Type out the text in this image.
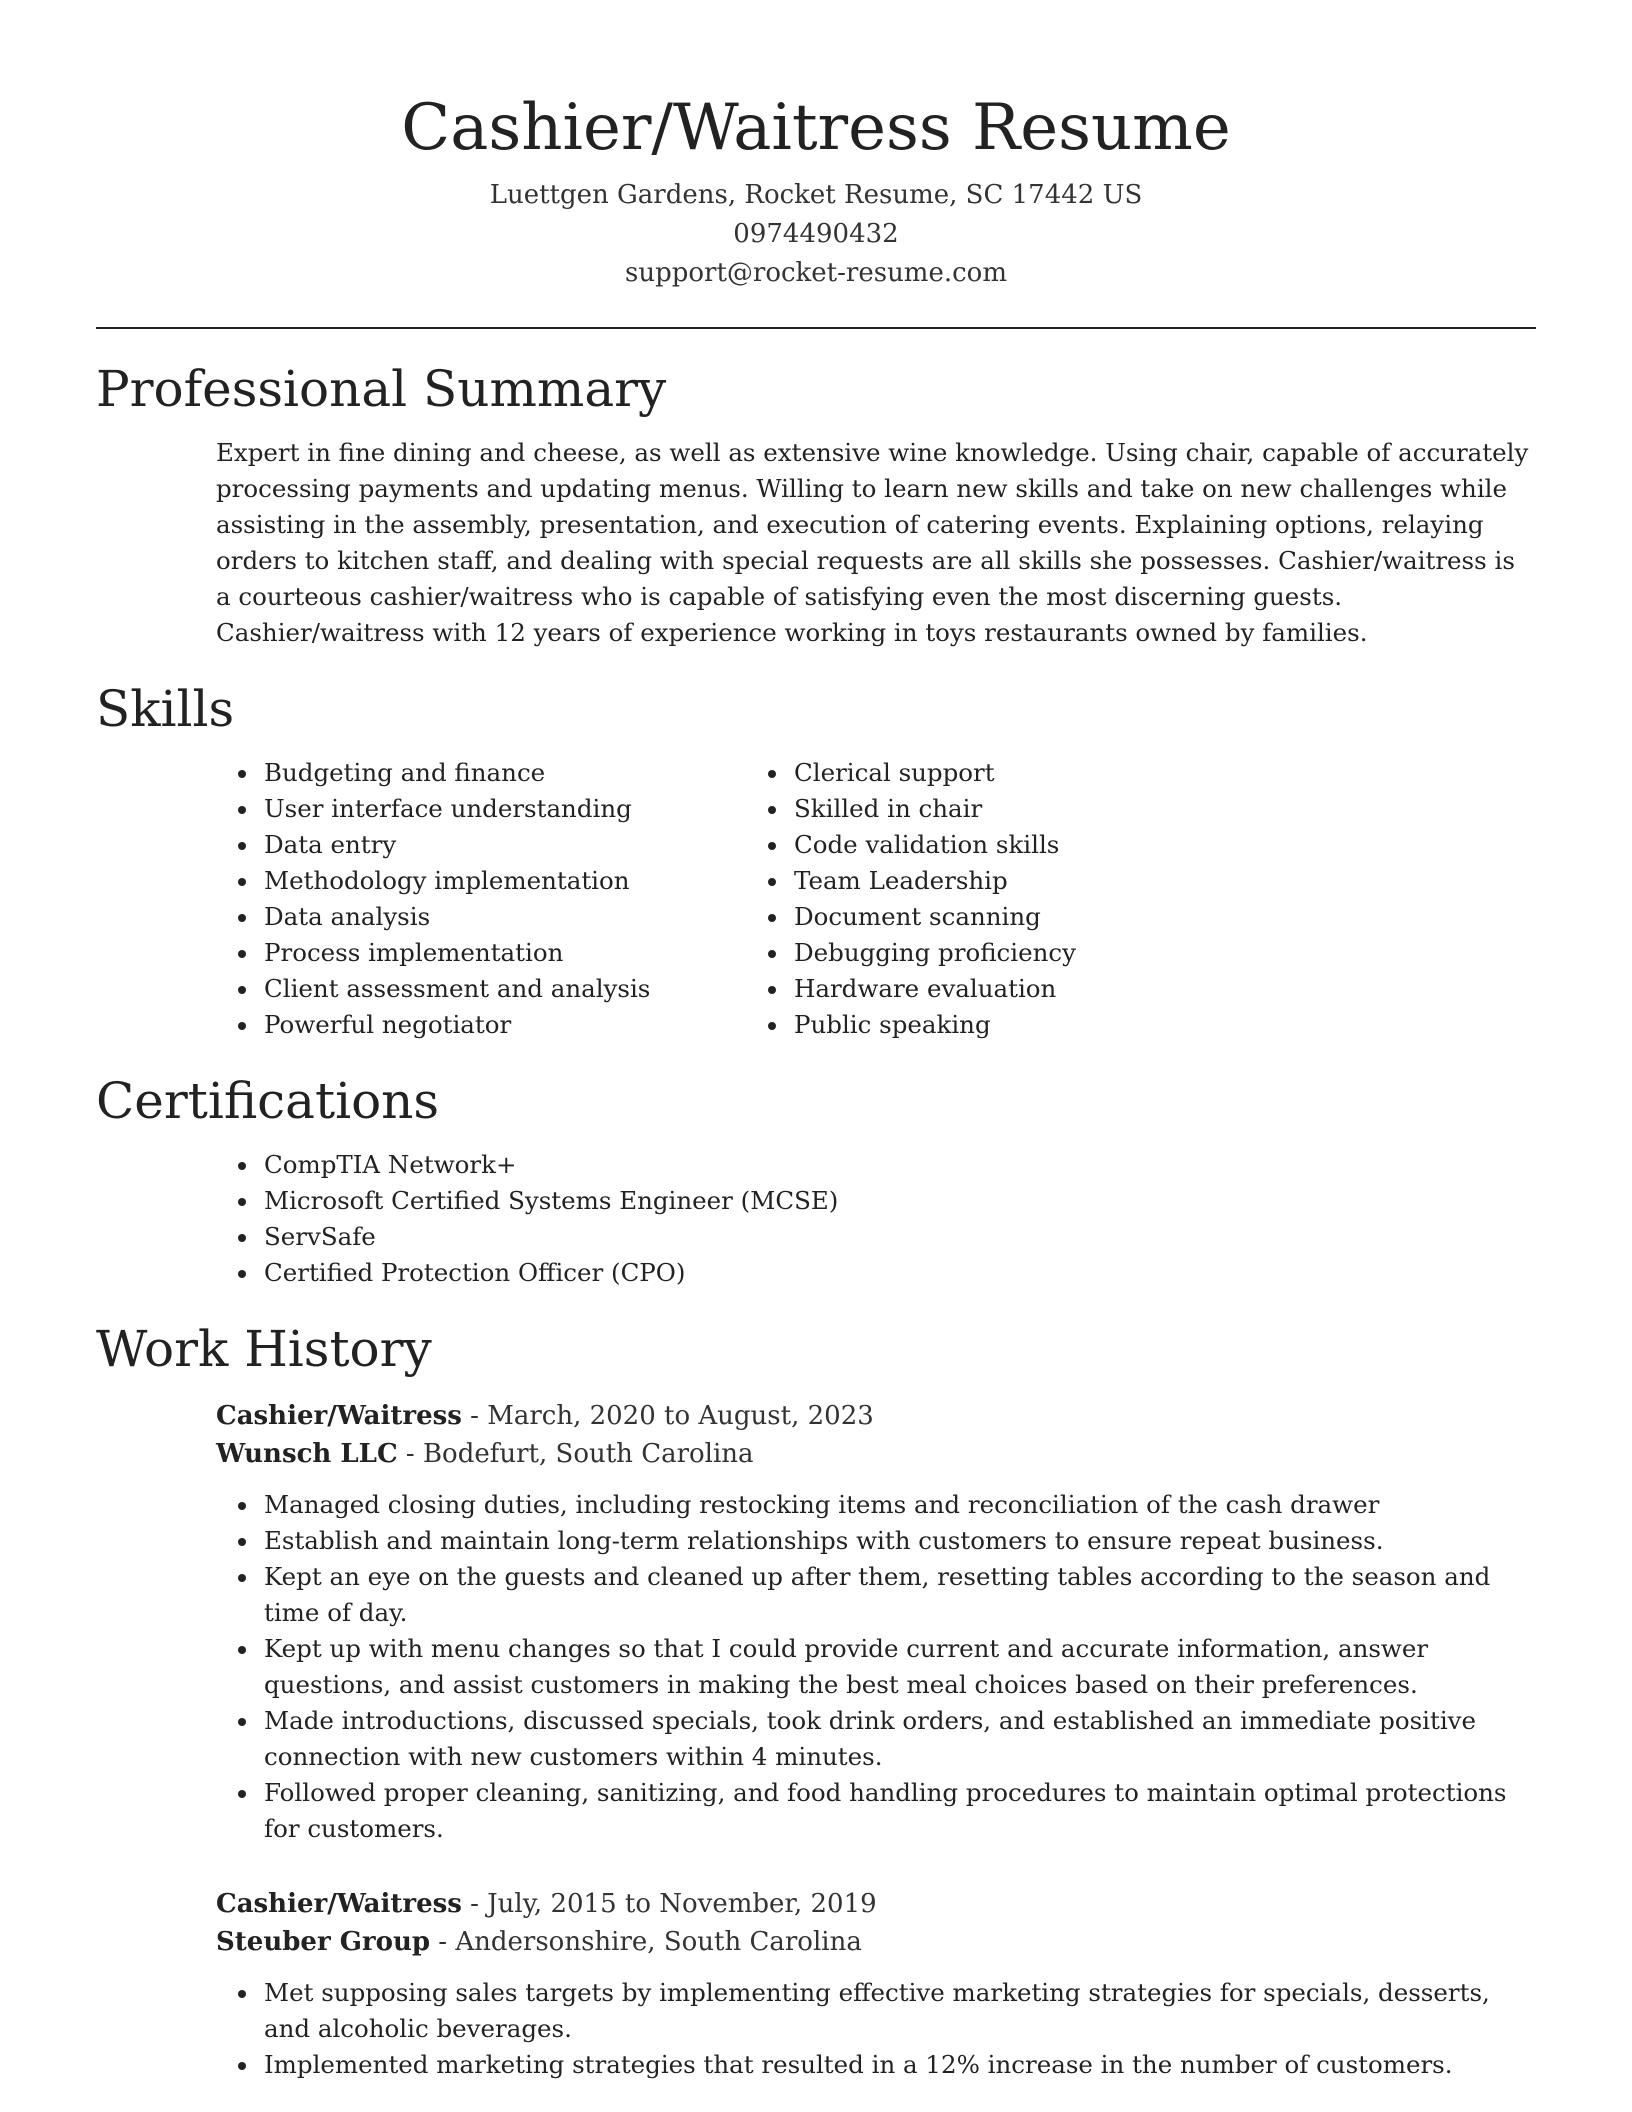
Cashier/Waitress Resume
Luettgen Gardens, Rocket Resume, SC 17442 US
0974490432
support@rocket-resume.com
Professional Summary

Expert in fine dining and cheese, as well as extensive wine knowledge. Using chair, capable of accurately processing payments and updating menus. Willing to learn new skills and take on new challenges while assisting in the assembly, presentation, and execution of catering events. Explaining options, relaying orders to kitchen staff, and dealing with special requests are all skills she possesses. Cashier/waitress is a courteous cashier/waitress who is capable of satisfying even the most discerning guests. Cashier/waitress with 12 years of experience working in toys restaurants owned by families.

Skills
• Budgeting and finance
• User interface understanding
• Data entry
• Methodology implementation
• Data analysis
• Process implementation
• Client assessment and analysis
• Powerful negotiator
• Clerical support
• Skilled in chair
• Code validation skills
• Team Leadership
• Document scanning
• Debugging proficiency
• Hardware evaluation
• Public speaking
Certifications
• CompTIA Network+
• Microsoft Certified Systems Engineer (MCSE)
• ServSafe
• Certified Protection Officer (CPO)
Work History
Cashier/Waitress - March, 2020 to August, 2023
Wunsch LLC - Bodefurt, South Carolina
• Managed closing duties, including restocking items and reconciliation of the cash drawer
• Establish and maintain long-term relationships with customers to ensure repeat business.
• Kept an eye on the guests and cleaned up after them, resetting tables according to the season and time of day.
• Kept up with menu changes so that I could provide current and accurate information, answer questions, and assist customers in making the best meal choices based on their preferences.
• Made introductions, discussed specials, took drink orders, and established an immediate positive connection with new customers within 4 minutes.
• Followed proper cleaning, sanitizing, and food handling procedures to maintain optimal protections for customers.
Cashier/Waitress - July, 2015 to November, 2019
Steuber Group - Andersonshire, South Carolina
• Met supposing sales targets by implementing effective marketing strategies for specials, desserts, and alcoholic beverages.
• Implemented marketing strategies that resulted in a 12% increase in the number of customers.
